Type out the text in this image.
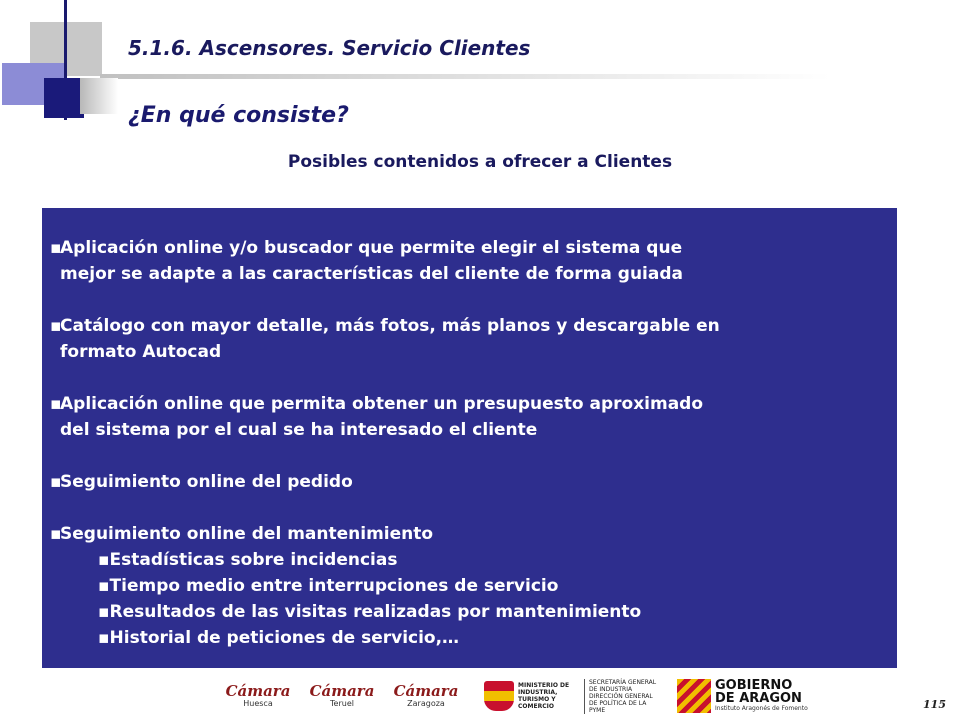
5.1.6. Ascensores. Servicio Clientes
¿En qué consiste?
Posibles contenidos a ofrecer a Clientes
▪Aplicación online y/o buscador que permite elegir el sistema que
mejor se adapte a las características del cliente de forma guiada
▪Catálogo con mayor detalle, más fotos, más planos y descargable en
formato Autocad
▪Aplicación online que permita obtener un presupuesto aproximado
del sistema por el cual se ha interesado el cliente
▪Seguimiento online del pedido
▪Seguimiento online del mantenimiento
▪Estadísticas sobre incidencias
▪Tiempo medio entre interrupciones de servicio
▪Resultados de las visitas realizadas por mantenimiento
▪Historial de peticiones de servicio,…
Cámara
Huesca
Cámara
Teruel
Cámara
Zaragoza
MINISTERIO DE INDUSTRIA, TURISMO Y COMERCIO
SECRETARÍA GENERAL DE INDUSTRIA DIRECCIÓN GENERAL DE POLÍTICA DE LA PYME
GOBIERNO
DE ARAGON
Instituto Aragonés de Fomento	115
